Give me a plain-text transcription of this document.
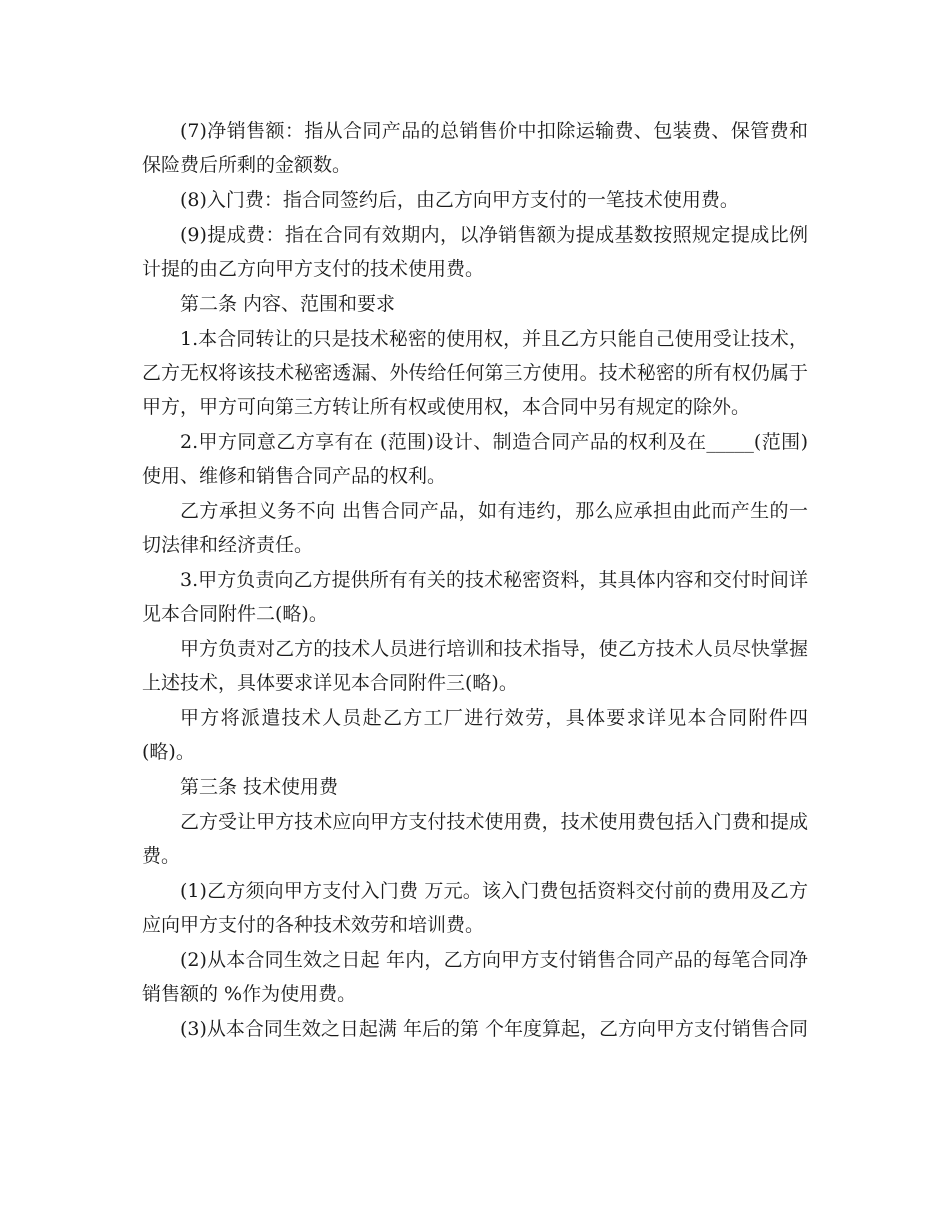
(7)净销售额：指从合同产品的总销售价中扣除运输费、包装费、保管费和保险费后所剩的金额数。

(8)入门费：指合同签约后，由乙方向甲方支付的一笔技术使用费。

(9)提成费：指在合同有效期内，以净销售额为提成基数按照规定提成比例计提的由乙方向甲方支付的技术使用费。

第二条 内容、范围和要求

1.本合同转让的只是技术秘密的使用权，并且乙方只能自己使用受让技术，乙方无权将该技术秘密透漏、外传给任何第三方使用。技术秘密的所有权仍属于甲方，甲方可向第三方转让所有权或使用权，本合同中另有规定的除外。

2.甲方同意乙方享有在 (范围)设计、制造合同产品的权利及在_____(范围)使用、维修和销售合同产品的权利。

乙方承担义务不向 出售合同产品，如有违约，那么应承担由此而产生的一切法律和经济责任。

3.甲方负责向乙方提供所有有关的技术秘密资料，其具体内容和交付时间详见本合同附件二(略)。

甲方负责对乙方的技术人员进行培训和技术指导，使乙方技术人员尽快掌握上述技术，具体要求详见本合同附件三(略)。

甲方将派遣技术人员赴乙方工厂进行效劳，具体要求详见本合同附件四(略)。

第三条 技术使用费

乙方受让甲方技术应向甲方支付技术使用费，技术使用费包括入门费和提成费。

(1)乙方须向甲方支付入门费 万元。该入门费包括资料交付前的费用及乙方应向甲方支付的各种技术效劳和培训费。

(2)从本合同生效之日起 年内，乙方向甲方支付销售合同产品的每笔合同净销售额的 %作为使用费。

(3)从本合同生效之日起满 年后的第 个年度算起，乙方向甲方支付销售合同
